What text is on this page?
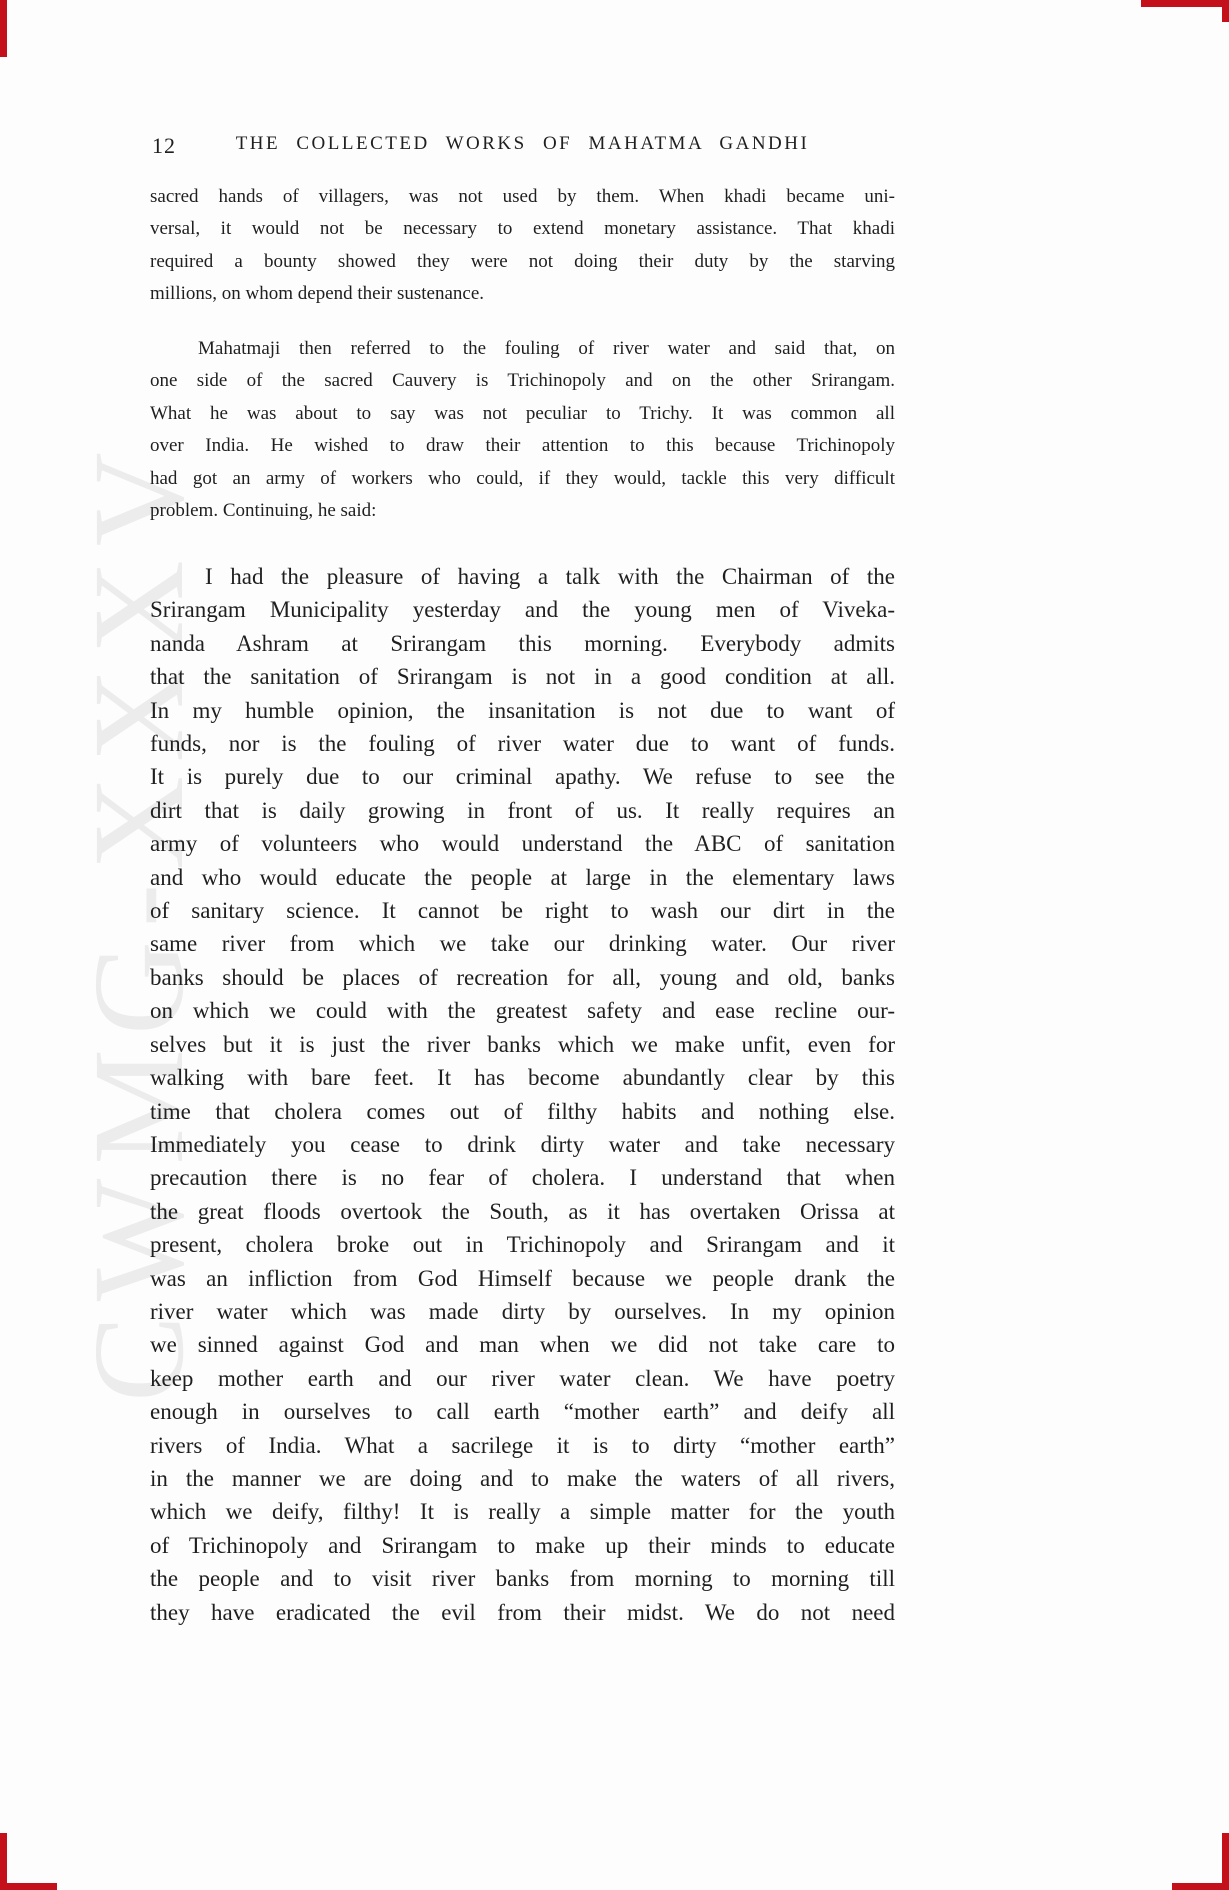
CWMG-XXXV
12	THE COLLECTED WORKS OF MAHATMA GANDHI
sacred hands of villagers, was not used by them. When khadi became uni-
versal, it would not be necessary to extend monetary assistance. That khadi
required a bounty showed they were not doing their duty by the starving
millions, on whom depend their sustenance.
Mahatmaji then referred to the fouling of river water and said that, on
one side of the sacred Cauvery is Trichinopoly and on the other Srirangam.
What he was about to say was not peculiar to Trichy. It was common all
over India. He wished to draw their attention to this because Trichinopoly
had got an army of workers who could, if they would, tackle this very difficult
problem. Continuing, he said:
I had the pleasure of having a talk with the Chairman of the
Srirangam Municipality yesterday and the young men of Viveka-
nanda Ashram at Srirangam this morning. Everybody admits
that the sanitation of Srirangam is not in a good condition at all.
In my humble opinion, the insanitation is not due to want of
funds, nor is the fouling of river water due to want of funds.
It is purely due to our criminal apathy. We refuse to see the
dirt that is daily growing in front of us. It really requires an
army of volunteers who would understand the ABC of sanitation
and who would educate the people at large in the elementary laws
of sanitary science. It cannot be right to wash our dirt in the
same river from which we take our drinking water. Our river
banks should be places of recreation for all, young and old, banks
on which we could with the greatest safety and ease recline our-
selves but it is just the river banks which we make unfit, even for
walking with bare feet. It has become abundantly clear by this
time that cholera comes out of filthy habits and nothing else.
Immediately you cease to drink dirty water and take necessary
precaution there is no fear of cholera. I understand that when
the great floods overtook the South, as it has overtaken Orissa at
present, cholera broke out in Trichinopoly and Srirangam and it
was an infliction from God Himself because we people drank the
river water which was made dirty by ourselves. In my opinion
we sinned against God and man when we did not take care to
keep mother earth and our river water clean. We have poetry
enough in ourselves to call earth “mother earth” and deify all
rivers of India. What a sacrilege it is to dirty “mother earth”
in the manner we are doing and to make the waters of all rivers,
which we deify, filthy! It is really a simple matter for the youth
of Trichinopoly and Srirangam to make up their minds to educate
the people and to visit river banks from morning to morning till
they have eradicated the evil from their midst. We do not need
